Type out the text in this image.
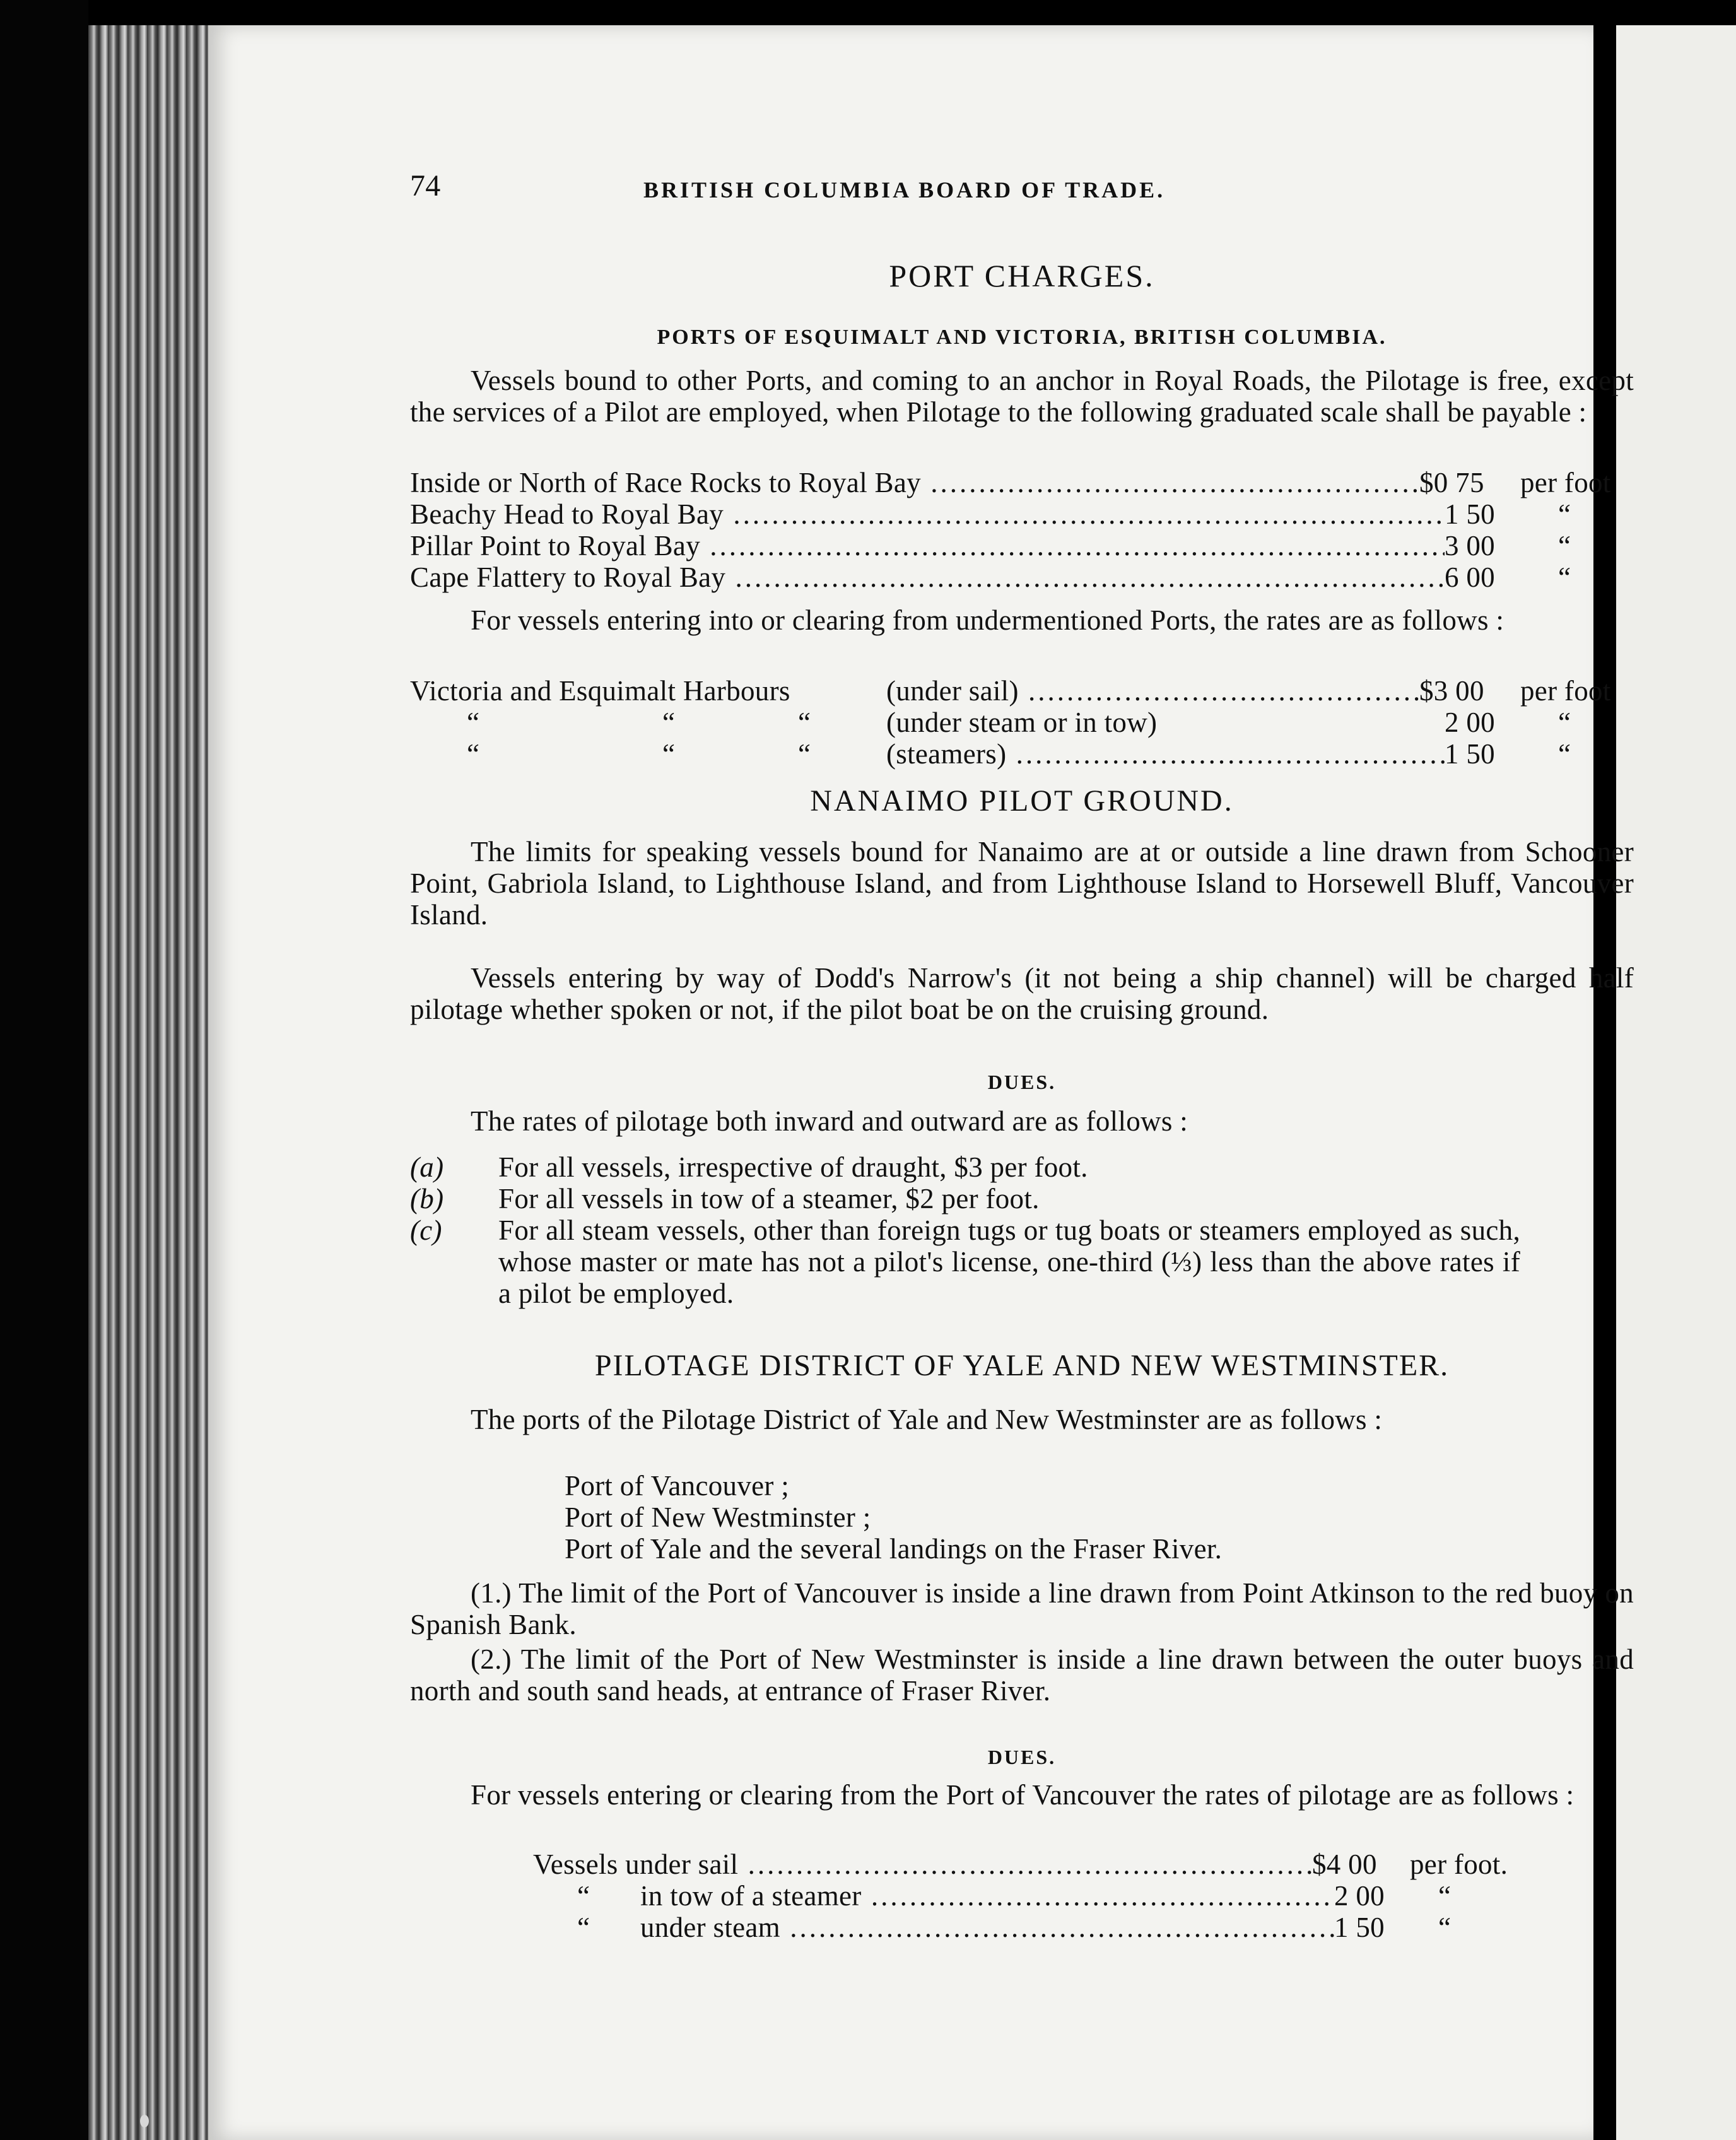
74	BRITISH COLUMBIA BOARD OF TRADE.
PORT CHARGES.
PORTS OF ESQUIMALT AND VICTORIA, BRITISH COLUMBIA.

Vessels bound to other Ports, and coming to an anchor in Royal Roads, the Pilotage is free, except the services of a Pilot are employed, when Pilotage to the following graduated scale shall be payable :

Inside or North of Race Rocks to Royal Bay .....	$0 75 per foot
Beachy Head to Royal Bay .....	1 50 “
Pillar Point to Royal Bay .....	3 00 “
Cape Flattery to Royal Bay .....	6 00 “

For vessels entering into or clearing from undermentioned Ports, the rates are as follows :

Victoria and Esquimalt Harbours	(under sail) .....	$3 00 per foot
“	“	“	(under steam or in tow)	2 00 “
“	“	“	(steamers) .....	1 50 “
NANAIMO PILOT GROUND.

The limits for speaking vessels bound for Nanaimo are at or outside a line drawn from Schooner Point, Gabriola Island, to Lighthouse Island, and from Lighthouse Island to Horsewell Bluff, Vancouver Island.

Vessels entering by way of Dodd's Narrow's (it not being a ship channel) will be charged half pilotage whether spoken or not, if the pilot boat be on the cruising ground.

DUES.

The rates of pilotage both inward and outward are as follows :

(a) For all vessels, irrespective of draught, $3 per foot.
(b) For all vessels in tow of a steamer, $2 per foot.
(c) For all steam vessels, other than foreign tugs or tug boats or steamers employed as such, whose master or mate has not a pilot's license, one-third (⅓) less than the above rates if a pilot be employed.
PILOTAGE DISTRICT OF YALE AND NEW WESTMINSTER.

The ports of the Pilotage District of Yale and New Westminster are as follows :

Port of Vancouver ;
Port of New Westminster ;
Port of Yale and the several landings on the Fraser River.

(1.) The limit of the Port of Vancouver is inside a line drawn from Point Atkinson to the red buoy on Spanish Bank.

(2.) The limit of the Port of New Westminster is inside a line drawn between the outer buoys and north and south sand heads, at entrance of Fraser River.

DUES.

For vessels entering or clearing from the Port of Vancouver the rates of pilotage are as follows :

Vessels under sail .....	$4 00 per foot.
“ in tow of a steamer .....	2 00 “
“ under steam .....	1 50 “
